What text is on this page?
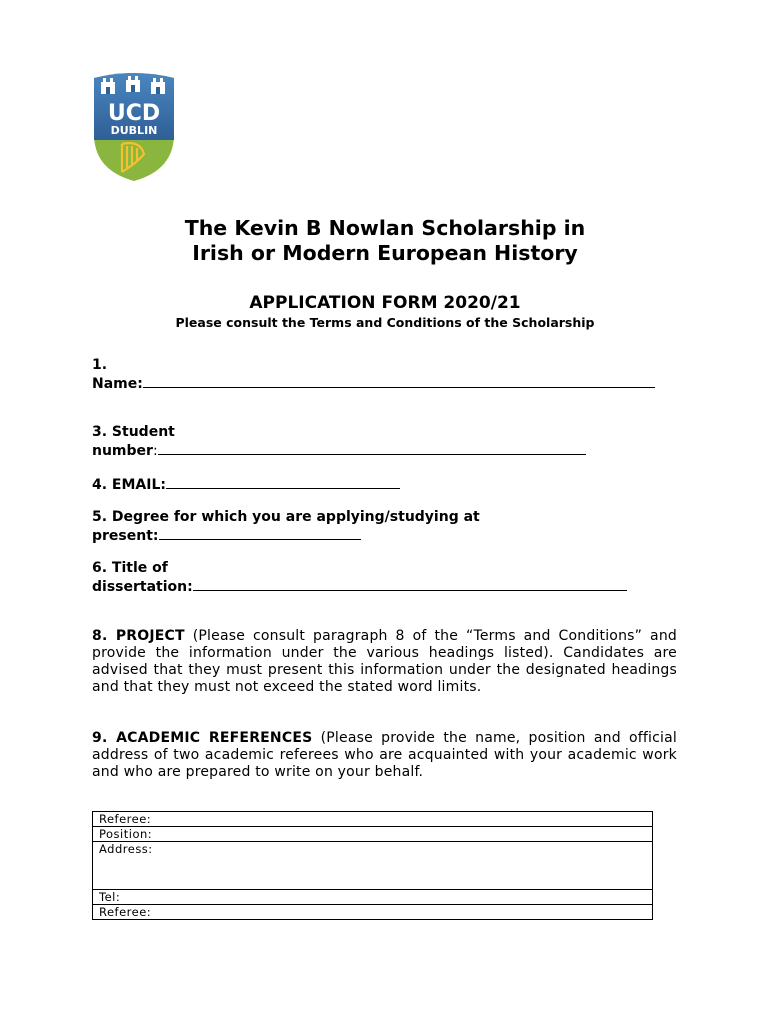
UCD
DUBLIN
The Kevin B Nowlan Scholarship in
Irish or Modern European History
APPLICATION FORM 2020/21
Please consult the Terms and Conditions of the Scholarship
1.
Name:
3. Student
number:
4. EMAIL:
5. Degree for which you are applying/studying at
present:
6. Title of
dissertation:
8. PROJECT (Please consult paragraph 8 of the “Terms and Conditions” and provide the information under the various headings listed). Candidates are advised that they must present this information under the designated headings and that they must not exceed the stated word limits.
9. ACADEMIC REFERENCES (Please provide the name, position and official address of two academic referees who are acquainted with your academic work and who are prepared to write on your behalf.
Referee:
Position:
Address:
Tel:
Referee:
